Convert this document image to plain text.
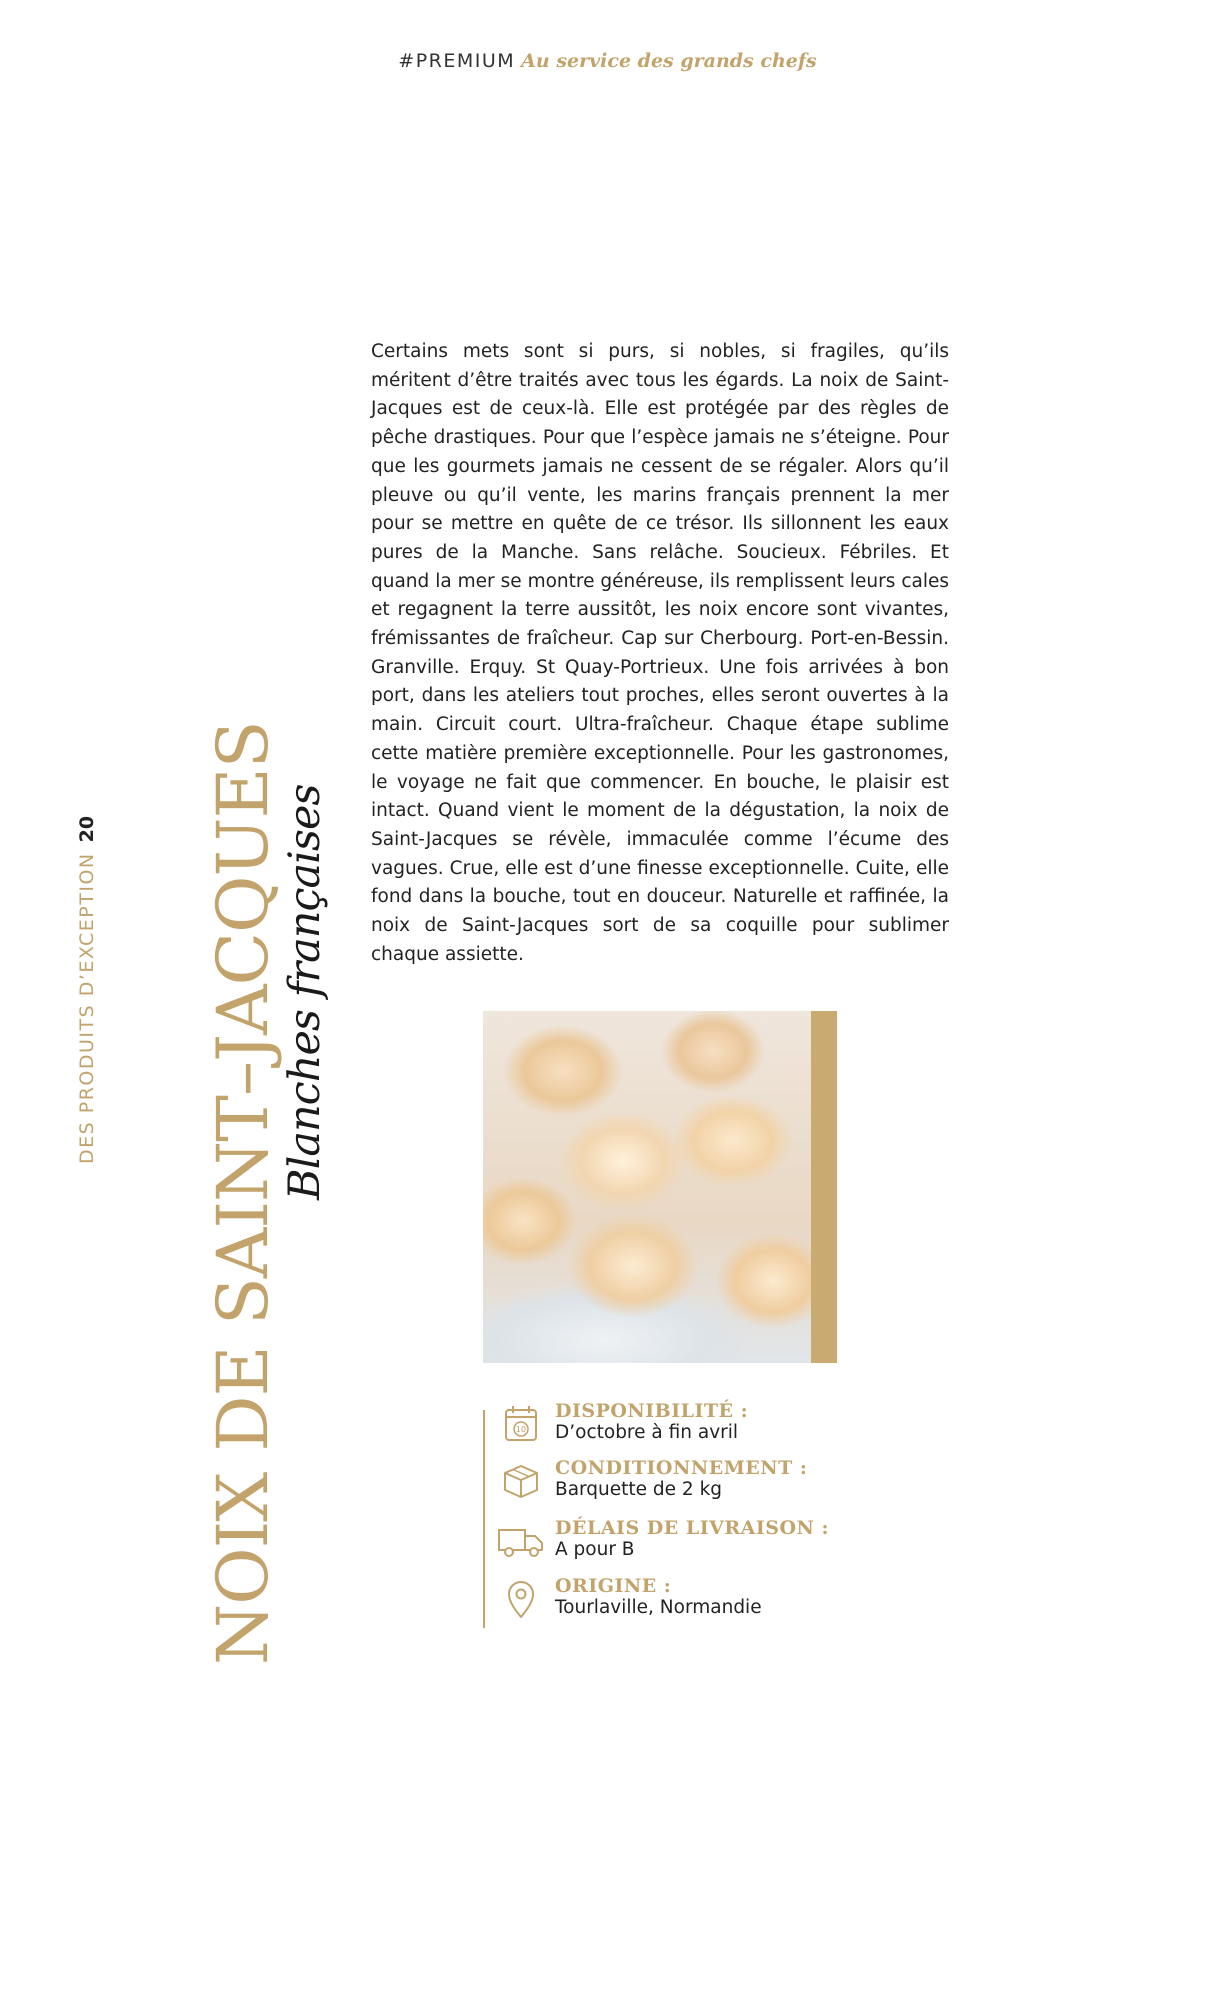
#PREMIUM Au service des grands chefs
DES PRODUITS D’EXCEPTION20 NOIX DE SAINT–JACQUES
Blanches françaises

Certains mets sont si purs, si nobles, si fragiles, qu’ils méritent d’être traités avec tous les égards. La noix de Saint-Jacques est de ceux-là. Elle est protégée par des règles de pêche drastiques. Pour que l’espèce jamais ne s’éteigne. Pour que les gourmets jamais ne cessent de se régaler. Alors qu’il pleuve ou qu’il vente, les marins français prennent la mer pour se mettre en quête de ce trésor. Ils sillonnent les eaux pures de la Manche. Sans relâche. Soucieux. Fébriles. Et quand la mer se montre généreuse, ils remplissent leurs cales et regagnent la terre aussitôt, les noix encore sont vivantes, frémissantes de fraîcheur. Cap sur Cherbourg. Port-en-Bessin. Granville. Erquy. St Quay-Portrieux. Une fois arrivées à bon port, dans les ateliers tout proches, elles seront ouvertes à la main. Circuit court. Ultra-fraîcheur. Chaque étape sublime cette matière première exceptionnelle. Pour les gastronomes, le voyage ne fait que commencer. En bouche, le plaisir est intact. Quand vient le moment de la dégustation, la noix de Saint-Jacques se révèle, immaculée comme l’écume des vagues. Crue, elle est d’une finesse exceptionnelle. Cuite, elle fond dans la bouche, tout en douceur. Naturelle et raffinée, la noix de Saint-Jacques sort de sa coquille pour sublimer chaque assiette.

10
DISPONIBILITÉ :
D’octobre à fin avril
CONDITIONNEMENT :
Barquette de 2 kg
DÉLAIS DE LIVRAISON :
A pour B
ORIGINE :
Tourlaville, Normandie
